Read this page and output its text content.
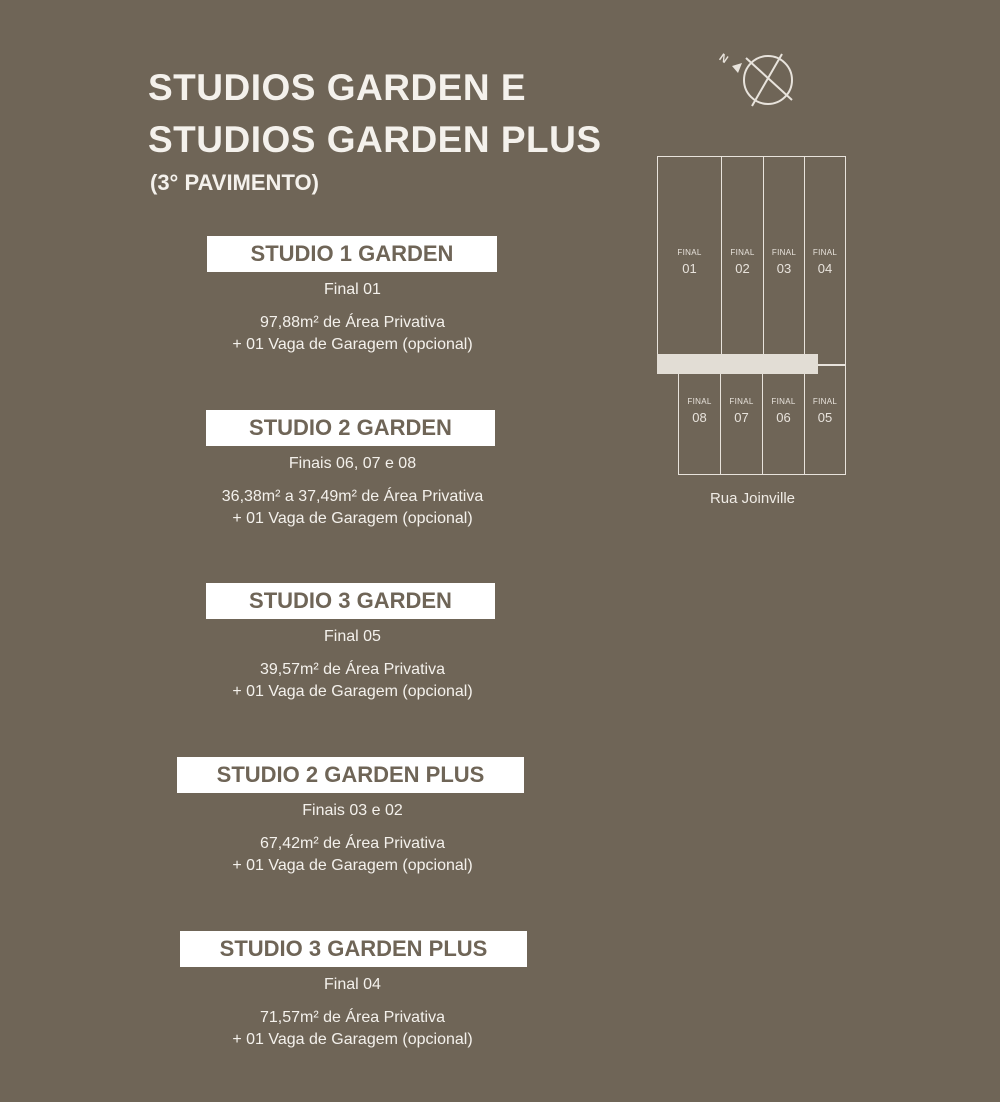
STUDIOS GARDEN E
STUDIOS GARDEN PLUS
(3° PAVIMENTO)
STUDIO 1 GARDEN
Final 01
97,88m² de Área Privativa
+ 01 Vaga de Garagem (opcional)
STUDIO 2 GARDEN
Finais 06, 07 e 08
36,38m² a 37,49m² de Área Privativa
+ 01 Vaga de Garagem (opcional)
STUDIO 3 GARDEN
Final 05
39,57m² de Área Privativa
+ 01 Vaga de Garagem (opcional)
STUDIO 2 GARDEN PLUS
Finais 03 e 02
67,42m² de Área Privativa
+ 01 Vaga de Garagem (opcional)
STUDIO 3 GARDEN PLUS
Final 04
71,57m² de Área Privativa
+ 01 Vaga de Garagem (opcional)
N
FINAL
01
FINAL
02
FINAL
03
FINAL
04
FINAL
08
FINAL
07
FINAL
06
FINAL
05
Rua Joinville
